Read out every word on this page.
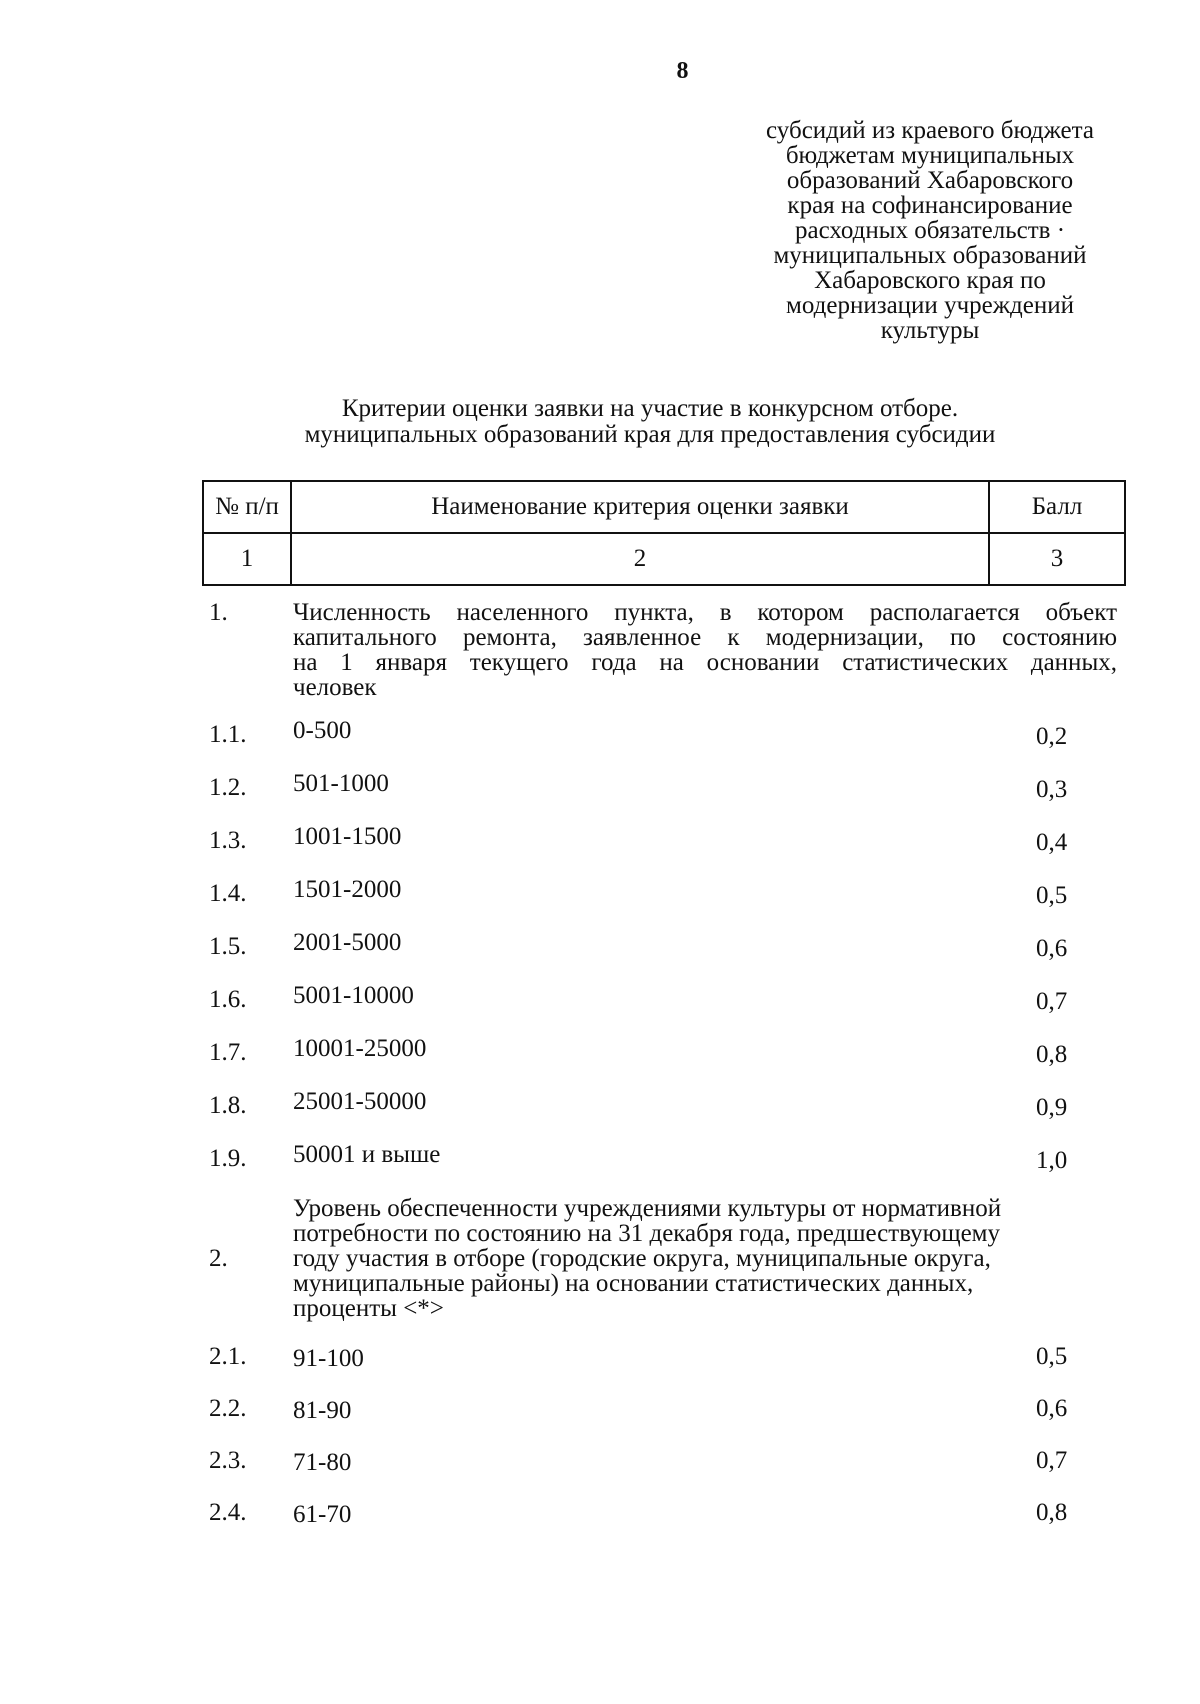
8
субсидий из краевого бюджета
бюджетам муниципальных
образований Хабаровского
края на софинансирование
расходных обязательств ·
муниципальных образований
Хабаровского края по
модернизации учреждений
культуры
Критерии оценки заявки на участие в конкурсном отборе.
муниципальных образований края для предоставления субсидии
№ п/п	Наименование критерия оценки заявки	Балл
1	2	3
1.	Численность населенного пункта, в котором располагается объект
капитального ремонта, заявленное к модернизации, по состоянию
на 1 января текущего года на основании статистических данных,
человек
1.1. 0-500	0,2
1.2. 501-1000	0,3
1.3. 1001-1500	0,4
1.4. 1501-2000	0,5
1.5. 2001-5000	0,6
1.6. 5001-10000	0,7
1.7. 10001-25000	0,8
1.8. 25001-50000	0,9
1.9. 50001 и выше	1,0
2.
Уровень обеспеченности учреждениями культуры от нормативной
потребности по состоянию на 31 декабря года, предшествующему
году участия в отборе (городские округа, муниципальные округа,
муниципальные районы) на основании статистических данных,
проценты <*>
2.1. 91-100	0,5
2.2. 81-90	0,6
2.3. 71-80	0,7
2.4. 61-70	0,8
